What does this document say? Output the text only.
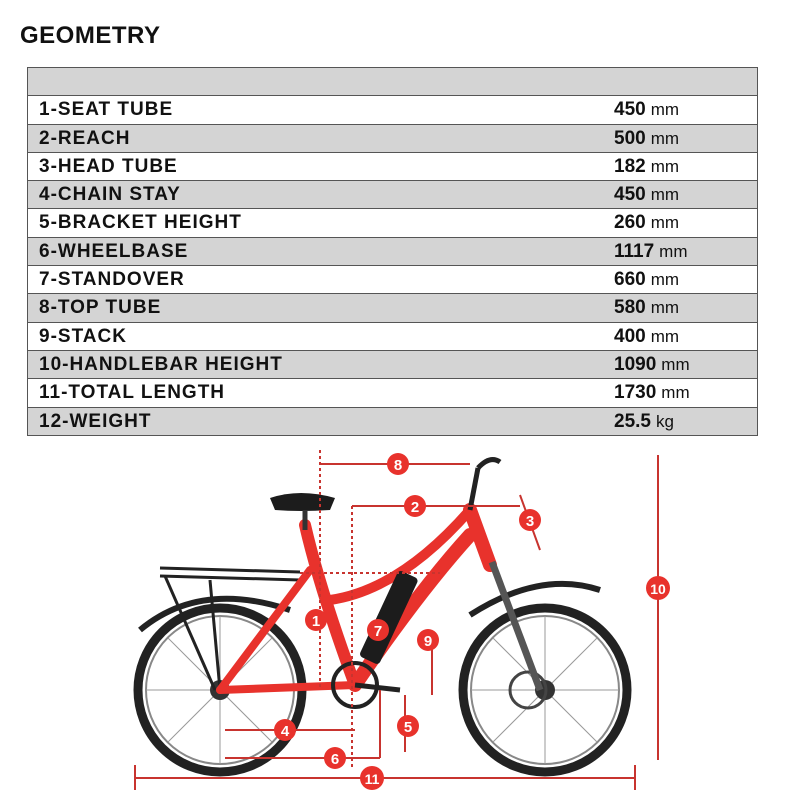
GEOMETRY
1-SEAT TUBE	450 mm
2-REACH	500 mm
3-HEAD TUBE	182 mm
4-CHAIN STAY	450 mm
5-BRACKET HEIGHT	260 mm
6-WHEELBASE	1117 mm
7-STANDOVER	660 mm
8-TOP TUBE	580 mm
9-STACK	400 mm
10-HANDLEBAR HEIGHT	1090 mm
11-TOTAL LENGTH	1730 mm
12-WEIGHT	25.5 kg
1
2
3
4	5
6
7
8
9
10
11
